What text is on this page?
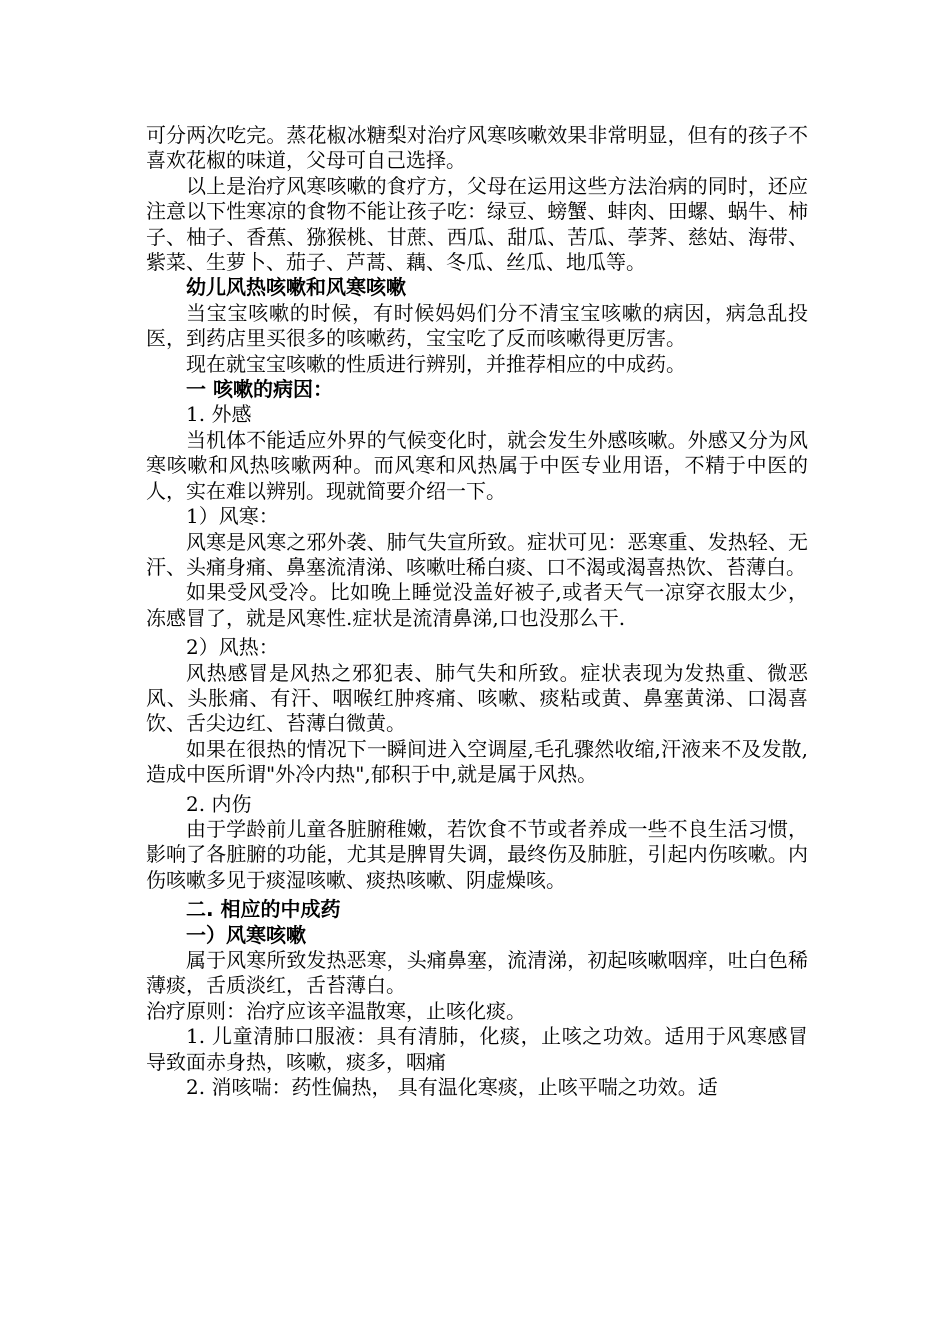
可分两次吃完。蒸花椒冰糖梨对治疗风寒咳嗽效果非常明显，但有的孩子不喜欢花椒的味道，父母可自己选择。

以上是治疗风寒咳嗽的食疗方，父母在运用这些方法治病的同时，还应注意以下性寒凉的食物不能让孩子吃：绿豆、螃蟹、蚌肉、田螺、蜗牛、柿子、柚子、香蕉、猕猴桃、甘蔗、西瓜、甜瓜、苦瓜、荸荠、慈姑、海带、紫菜、生萝卜、茄子、芦蒿、藕、冬瓜、丝瓜、地瓜等。

幼儿风热咳嗽和风寒咳嗽

当宝宝咳嗽的时候，有时候妈妈们分不清宝宝咳嗽的病因，病急乱投医，到药店里买很多的咳嗽药，宝宝吃了反而咳嗽得更厉害。

现在就宝宝咳嗽的性质进行辨别，并推荐相应的中成药。

一 咳嗽的病因：

1. 外感

当机体不能适应外界的气候变化时，就会发生外感咳嗽。外感又分为风寒咳嗽和风热咳嗽两种。而风寒和风热属于中医专业用语，不精于中医的人，实在难以辨别。现就简要介绍一下。

1）风寒：

风寒是风寒之邪外袭、肺气失宣所致。症状可见：恶寒重、发热轻、无汗、头痛身痛、鼻塞流清涕、咳嗽吐稀白痰、口不渴或渴喜热饮、苔薄白。

如果受风受冷。比如晚上睡觉没盖好被子,或者天气一凉穿衣服太少，冻感冒了，就是风寒性.症状是流清鼻涕,口也没那么干.

2）风热：

风热感冒是风热之邪犯表、肺气失和所致。症状表现为发热重、微恶风、头胀痛、有汗、咽喉红肿疼痛、咳嗽、痰粘或黄、鼻塞黄涕、口渴喜饮、舌尖边红、苔薄白微黄。

如果在很热的情况下一瞬间进入空调屋,毛孔骤然收缩,汗液来不及发散,造成中医所谓"外冷内热",郁积于中,就是属于风热。

2. 内伤

由于学龄前儿童各脏腑稚嫩，若饮食不节或者养成一些不良生活习惯，影响了各脏腑的功能，尤其是脾胃失调，最终伤及肺脏，引起内伤咳嗽。内伤咳嗽多见于痰湿咳嗽、痰热咳嗽、阴虚燥咳。

二. 相应的中成药

一）风寒咳嗽

属于风寒所致发热恶寒，头痛鼻塞，流清涕，初起咳嗽咽痒，吐白色稀薄痰，舌质淡红，舌苔薄白。

治疗原则：治疗应该辛温散寒，止咳化痰。

1. 儿童清肺口服液：具有清肺，化痰，止咳之功效。适用于风寒感冒导致面赤身热，咳嗽，痰多，咽痛

2. 消咳喘：药性偏热， 具有温化寒痰，止咳平喘之功效。适
